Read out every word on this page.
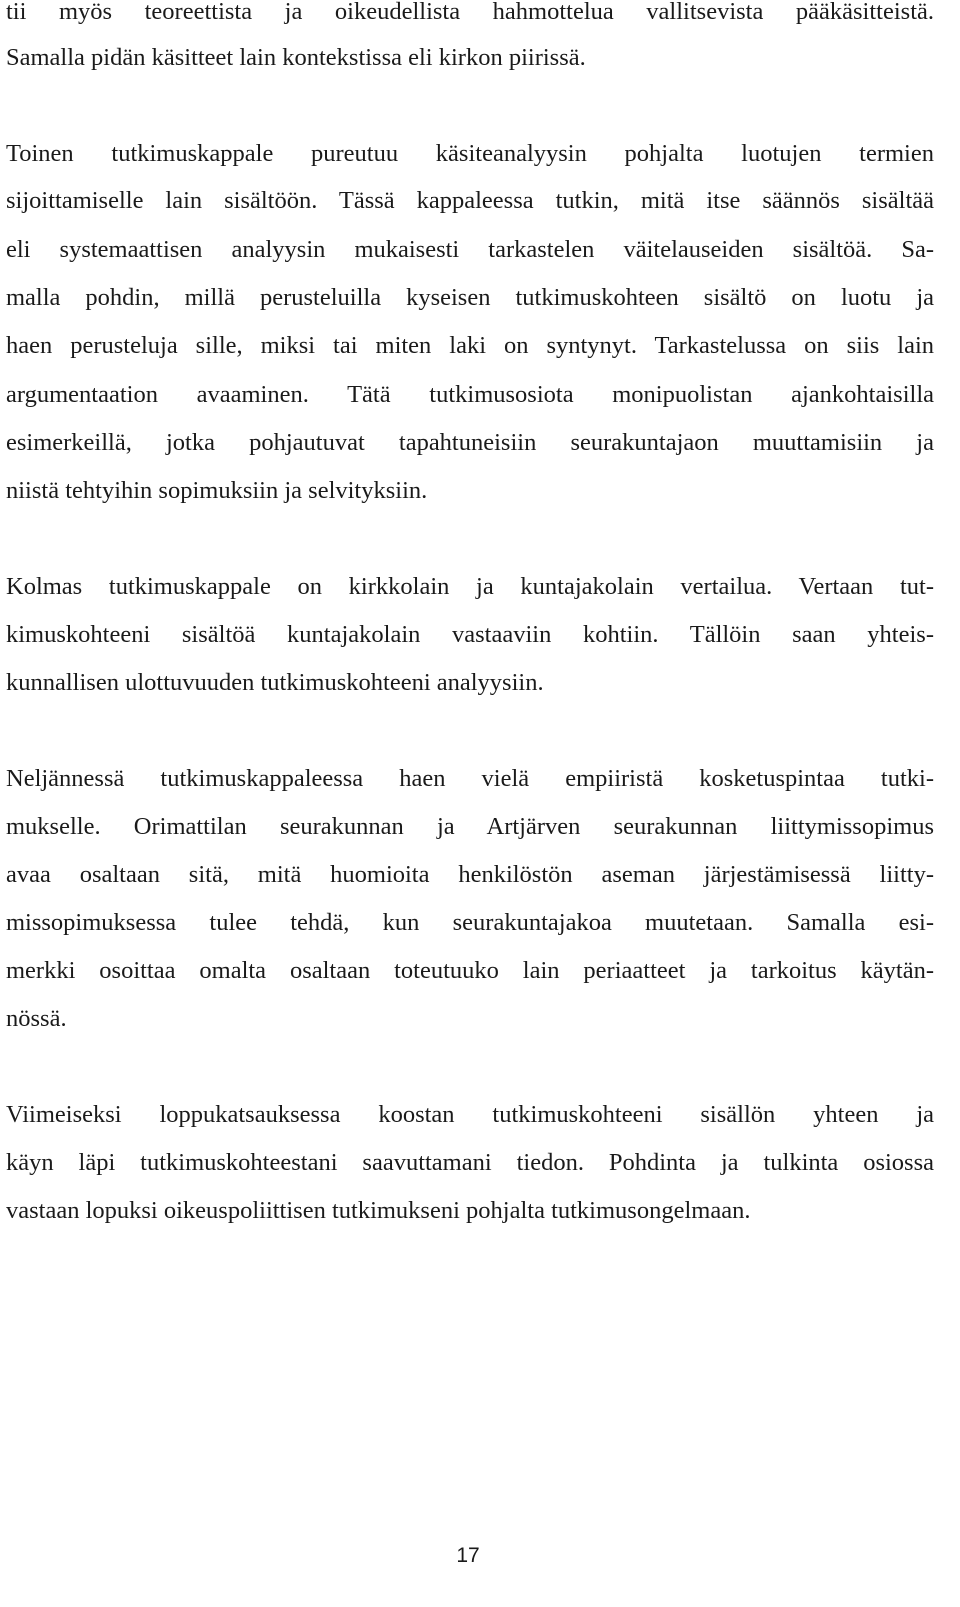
tii myös teoreettista ja oikeudellista hahmottelua vallitsevista pääkäsitteistä.
Samalla pidän käsitteet lain kontekstissa eli kirkon piirissä.
Toinen tutkimuskappale pureutuu käsiteanalyysin pohjalta luotujen termien
sijoittamiselle lain sisältöön. Tässä kappaleessa tutkin, mitä itse säännös sisältää
eli systemaattisen analyysin mukaisesti tarkastelen väitelauseiden sisältöä. Sa-
malla pohdin, millä perusteluilla kyseisen tutkimuskohteen sisältö on luotu ja
haen perusteluja sille, miksi tai miten laki on syntynyt. Tarkastelussa on siis lain
argumentaation avaaminen. Tätä tutkimusosiota monipuolistan ajankohtaisilla
esimerkeillä, jotka pohjautuvat tapahtuneisiin seurakuntajaon muuttamisiin ja
niistä tehtyihin sopimuksiin ja selvityksiin.
Kolmas tutkimuskappale on kirkkolain ja kuntajakolain vertailua. Vertaan tut-
kimuskohteeni sisältöä kuntajakolain vastaaviin kohtiin. Tällöin saan yhteis-
kunnallisen ulottuvuuden tutkimuskohteeni analyysiin.
Neljännessä tutkimuskappaleessa haen vielä empiiristä kosketuspintaa tutki-
mukselle. Orimattilan seurakunnan ja Artjärven seurakunnan liittymissopimus
avaa osaltaan sitä, mitä huomioita henkilöstön aseman järjestämisessä liitty-
missopimuksessa tulee tehdä, kun seurakuntajakoa muutetaan. Samalla esi-
merkki osoittaa omalta osaltaan toteutuuko lain periaatteet ja tarkoitus käytän-
nössä.
Viimeiseksi loppukatsauksessa koostan tutkimuskohteeni sisällön yhteen ja
käyn läpi tutkimuskohteestani saavuttamani tiedon. Pohdinta ja tulkinta osiossa
vastaan lopuksi oikeuspoliittisen tutkimukseni pohjalta tutkimusongelmaan.
17
